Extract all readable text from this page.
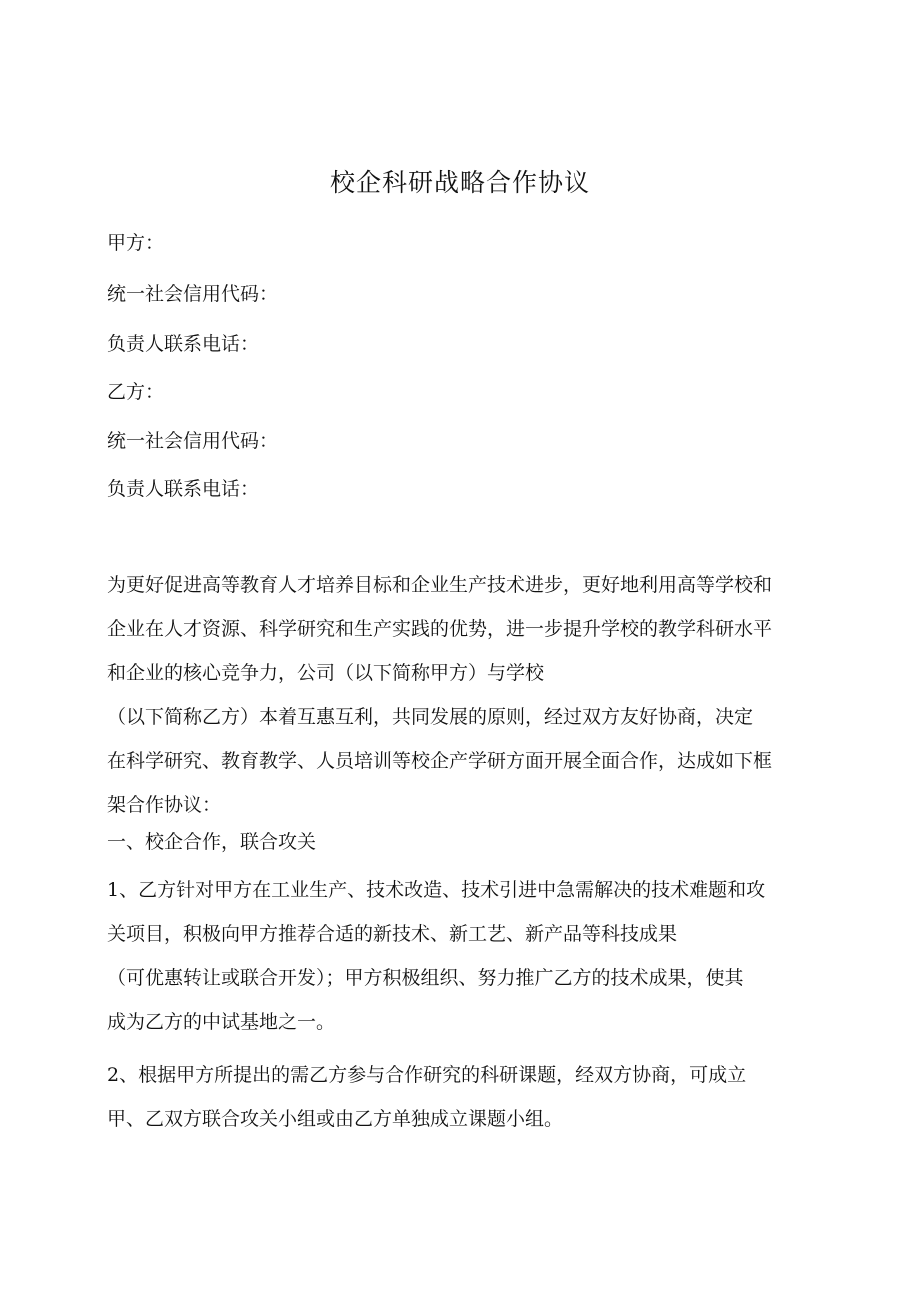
校企科研战略合作协议
甲方：
统一社会信用代码：
负责人联系电话：
乙方：
统一社会信用代码：
负责人联系电话：
为更好促进高等教育人才培养目标和企业生产技术进步，更好地利用高等学校和
企业在人才资源、科学研究和生产实践的优势，进一步提升学校的教学科研水平
和企业的核心竞争力，公司（以下简称甲方）与学校
（以下简称乙方）本着互惠互利，共同发展的原则，经过双方友好协商，决定
在科学研究、教育教学、人员培训等校企产学研方面开展全面合作，达成如下框
架合作协议：
一、校企合作，联合攻关
1、乙方针对甲方在工业生产、技术改造、技术引进中急需解决的技术难题和攻
关项目，积极向甲方推荐合适的新技术、新工艺、新产品等科技成果
（可优惠转让或联合开发）；甲方积极组织、努力推广乙方的技术成果，使其
成为乙方的中试基地之一。
2、根据甲方所提出的需乙方参与合作研究的科研课题，经双方协商，可成立
甲、乙双方联合攻关小组或由乙方单独成立课题小组。
